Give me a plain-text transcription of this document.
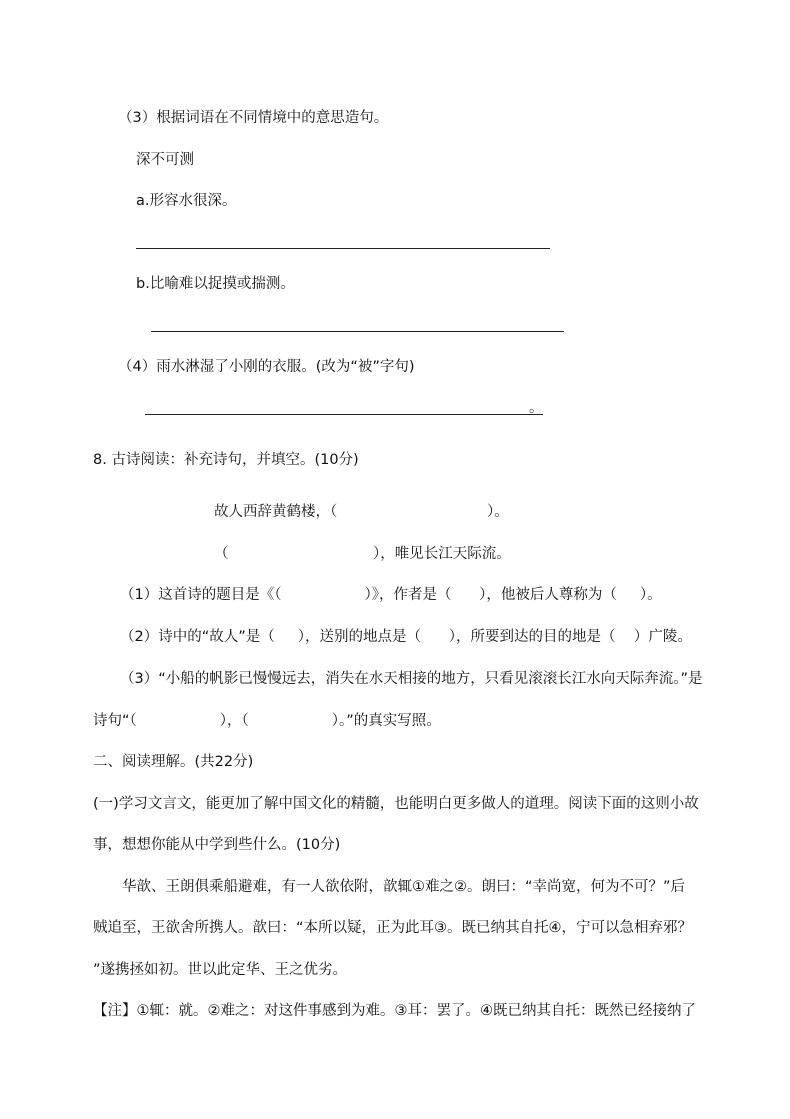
（3）根据词语在不同情境中的意思造句。
深不可测
a.形容水很深。
b.比喻难以捉摸或揣测。
（4）雨水淋湿了小刚的衣服。(改为“被”字句)
。
8. 古诗阅读：补充诗句，并填空。(10分)
故人西辞黄鹤楼，（	）。
（	），唯见长江天际流。
（1）这首诗的题目是《（                  ）》，作者是（      ），他被后人尊称为（     ）。
（2）诗中的“故人”是（     ），送别的地点是（      ），所要到达的目的地是（    ）广陵。
（3）“小船的帆影已慢慢远去，消失在水天相接的地方，只看见滚滚长江水向天际奔流。”是
诗句“（                  ），（                  ）。”的真实写照。
二、阅读理解。(共22分)
(一)学习文言文，能更加了解中国文化的精髓，也能明白更多做人的道理。阅读下面的这则小故
事，想想你能从中学到些什么。(10分)
华歆、王朗俱乘船避难，有一人欲依附，歆辄①难之②。朗曰：“幸尚宽，何为不可？”后
贼追至，王欲舍所携人。歆曰：“本所以疑，正为此耳③。既已纳其自托④，宁可以急相弃邪？
”遂携拯如初。世以此定华、王之优劣。
【注】①辄：就。②难之：对这件事感到为难。③耳：罢了。④既已纳其自托：既然已经接纳了
